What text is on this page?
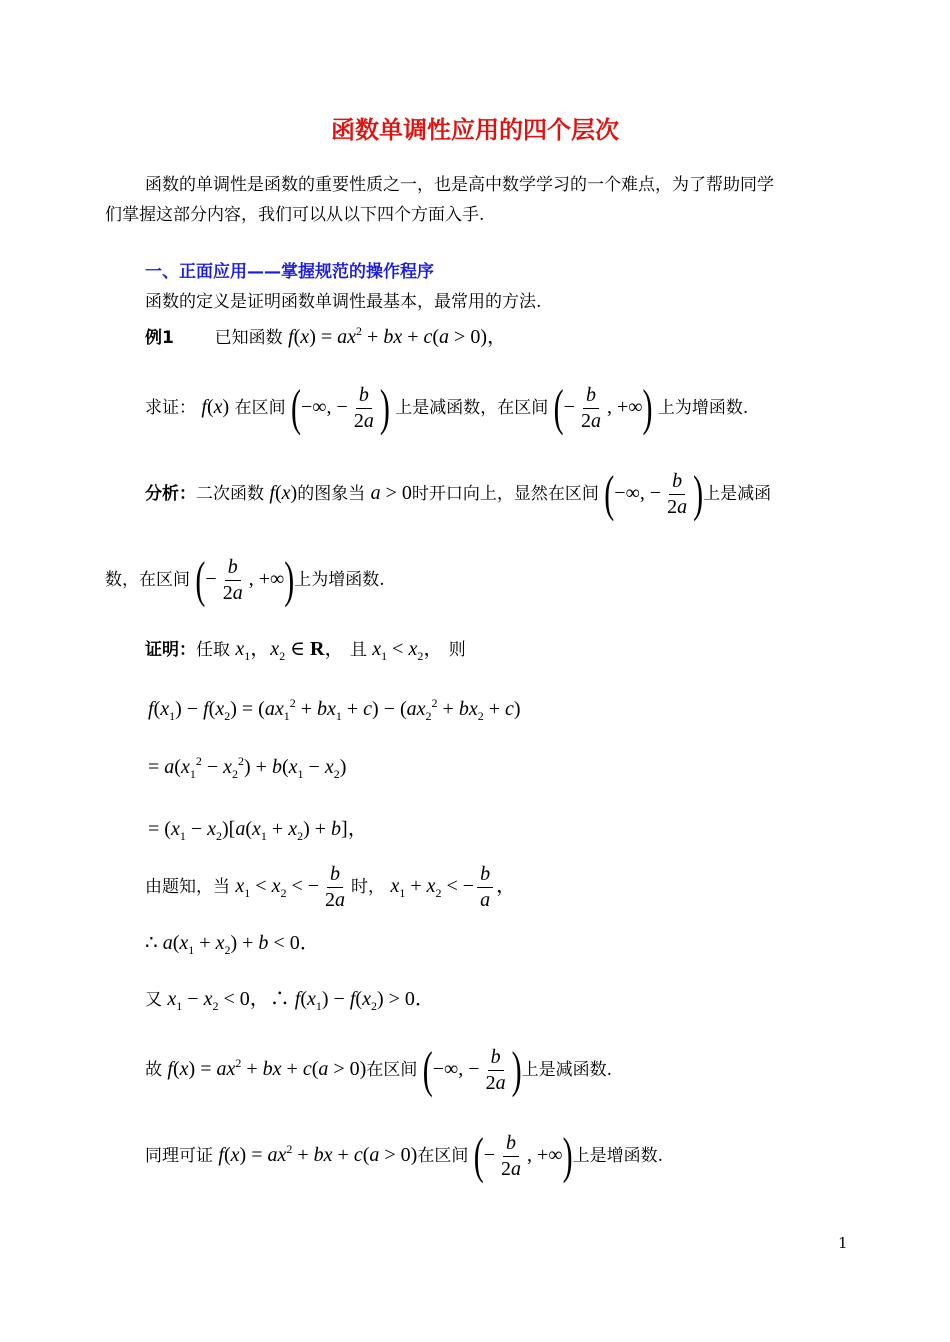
函数单调性应用的四个层次
函数的单调性是函数的重要性质之一，也是高中数学学习的一个难点，为了帮助同学
们掌握这部分内容，我们可以从以下四个方面入手.
一、正面应用——掌握规范的操作程序
函数的定义是证明函数单调性最基本，最常用的方法.
例1 已知函数 $f(x) = ax^2$ + bx + c(a > 0)，
求证： f(x) 在区间 (−∞, − $\frac{b}{2a}$ ) 上是减函数，在区间 (− $\frac{b}{2a}$ , +∞) 上为增函数.
分析：二次函数 f(x)的图象当 a > 0时开口向上，显然在区间 (−∞, − $\frac{b}{2a}$ )上是减函
数，在区间 (− $\frac{b}{2a}$ , +∞)上为增函数.
证明：任取 $x_1$，$x_2$ ∈ R， 且 $x_1 < x_2$， 则
$f(x_1) - f(x_2) = (ax_1^2 + bx_1 + c) - (ax_2^2 + bx_2 + c)$
= $a(x_1^2 - x_2^2) + b(x_1 - x_2)$
= $(x_1 - x_2)[a(x_1 + x_2) + b]$，
由题知，当 $x_1 < x_2$ < − $\frac{b}{2a}$ 时， $x_1 + x_2$ < − $\frac{b}{a}$ ，
∴ $a(x_1 + x_2) + b < 0$．
又 $x_1 - x_2 < 0$，∴ $f(x_1) - f(x_2) > 0$．
故 $f(x) = ax^2$ + bx + c(a > 0)在区间 (−∞, − $\frac{b}{2a}$ )上是减函数.
同理可证 $f(x) = ax^2$ + bx + c(a > 0)在区间 (− $\frac{b}{2a}$ , +∞)上是增函数.
1
